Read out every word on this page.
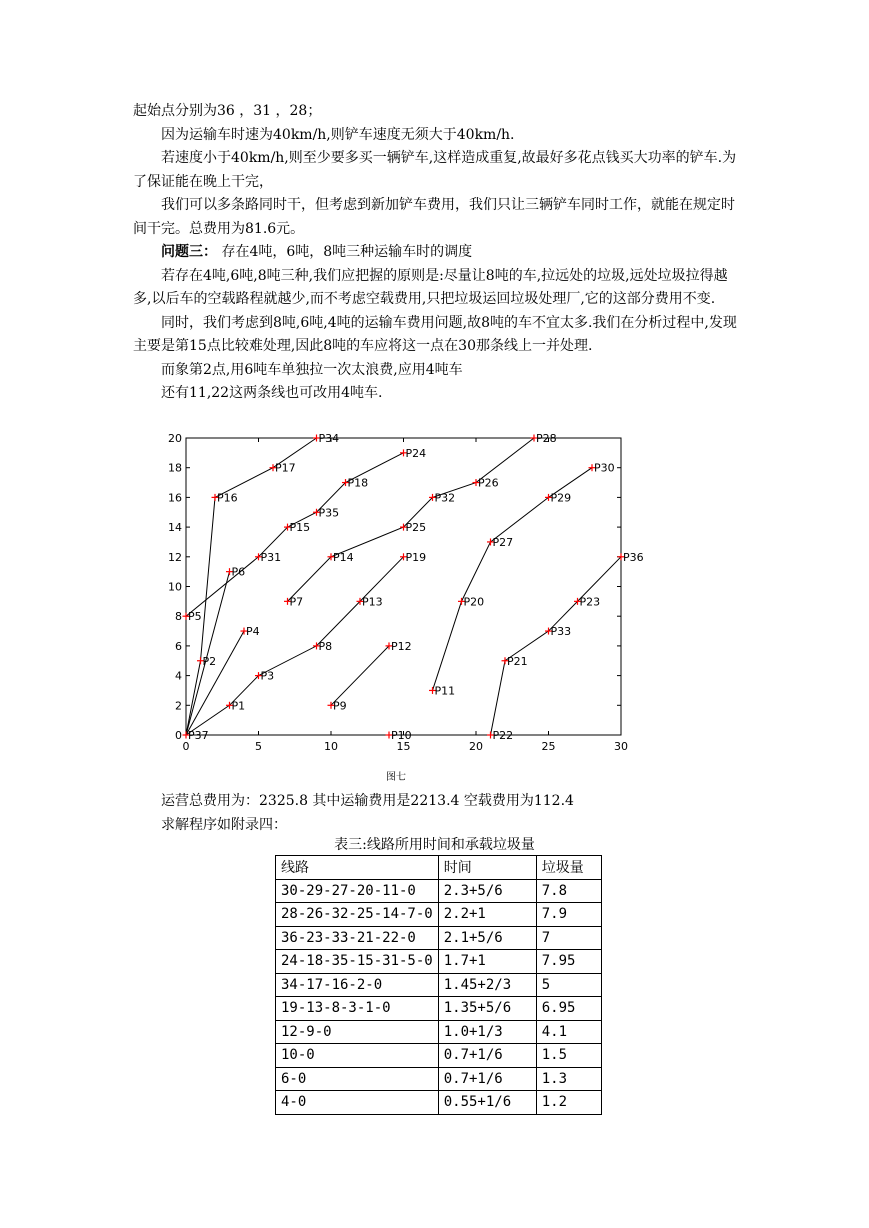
起始点分别为36 ，31 ，28；

因为运输车时速为40km/h,则铲车速度无须大于40km/h.

若速度小于40km/h,则至少要多买一辆铲车,这样造成重复,故最好多花点钱买大功率的铲车.为了保证能在晚上干完，

我们可以多条路同时干，但考虑到新加铲车费用，我们只让三辆铲车同时工作，就能在规定时间干完。总费用为81.6元。

问题三： 存在4吨，6吨，8吨三种运输车时的调度

若存在4吨,6吨,8吨三种,我们应把握的原则是:尽量让8吨的车,拉远处的垃圾,远处垃圾拉得越多,以后车的空载路程就越少,而不考虑空载费用,只把垃圾运回垃圾处理厂,它的这部分费用不变.

同时，我们考虑到8吨,6吨,4吨的运输车费用问题,故8吨的车不宜太多.我们在分析过程中,发现主要是第15点比较难处理,因此8吨的车应将这一点在30那条线上一并处理.

而象第2点,用6吨车单独拉一次太浪费,应用4吨车

还有11,22这两条线也可改用4吨车.

0	5	10	15	20	25	30
0
2
4
6
8
10
12
14
16
18
20
P1
P2
P3
P4
P5
P6
P7
P8
P9
P10
P11
P12
P13
P14
P15
P16
P17
P18
P19
P20
P21
P22
P23
P24
P25
P26
P27
P28
P29
P30
P31
P32
P33
P34
P35
P36
P37
图七

运营总费用为：2325.8 其中运输费用是2213.4 空载费用为112.4

求解程序如附录四：

表三:线路所用时间和承载垃圾量
线路	时间	垃圾量
30-29-27-20-11-0	2.3+5/6	7.8
28-26-32-25-14-7-0	2.2+1	7.9
36-23-33-21-22-0	2.1+5/6	7
24-18-35-15-31-5-0	1.7+1	7.95
34-17-16-2-0	1.45+2/3	5
19-13-8-3-1-0	1.35+5/6	6.95
12-9-0	1.0+1/3	4.1
10-0	0.7+1/6	1.5
6-0	0.7+1/6	1.3
4-0	0.55+1/6	1.2
